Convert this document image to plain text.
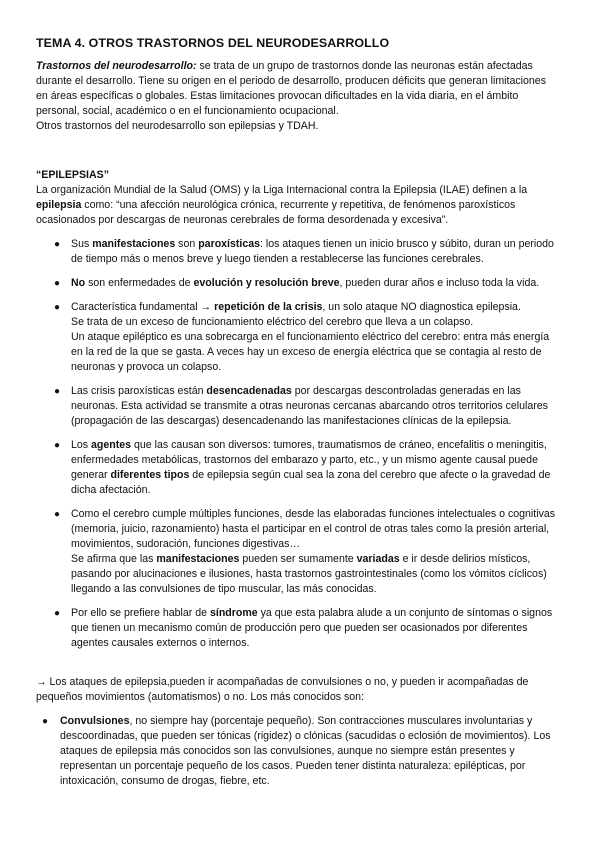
TEMA 4. OTROS TRASTORNOS DEL NEURODESARROLLO

Trastornos del neurodesarrollo: se trata de un grupo de trastornos donde las neuronas están afectadas durante el desarrollo. Tiene su origen en el periodo de desarrollo, producen déficits que generan limitaciones en áreas específicas o globales. Estas limitaciones provocan dificultades en la vida diaria, en el ámbito personal, social, académico o en el funcionamiento ocupacional.

Otros trastornos del neurodesarrollo son epilepsias y TDAH.

“EPILEPSIAS”

La organización Mundial de la Salud (OMS) y la Liga Internacional contra la Epilepsia (ILAE) definen a la epilepsia como: “una afección neurológica crónica, recurrente y repetitiva, de fenómenos paroxísticos ocasionados por descargas de neuronas cerebrales de forma desordenada y excesiva”.

● Sus manifestaciones son paroxísticas: los ataques tienen un inicio brusco y súbito, duran un periodo de tiempo más o menos breve y luego tienden a restablecerse las funciones cerebrales.
● No son enfermedades de evolución y resolución breve, pueden durar años e incluso toda la vida.
● Característica fundamental → repetición de la crisis, un solo ataque NO diagnostica epilepsia.
Se trata de un exceso de funcionamiento eléctrico del cerebro que lleva a un colapso.
Un ataque epiléptico es una sobrecarga en el funcionamiento eléctrico del cerebro: entra más energía en la red de la que se gasta. A veces hay un exceso de energía eléctrica que se contagia al resto de neuronas y provoca un colapso.
● Las crisis paroxísticas están desencadenadas por descargas descontroladas generadas en las neuronas. Esta actividad se transmite a otras neuronas cercanas abarcando otros territorios celulares (propagación de las descargas) desencadenando las manifestaciones clínicas de la epilepsia.
● Los agentes que las causan son diversos: tumores, traumatismos de cráneo, encefalitis o meningitis, enfermedades metabólicas, trastornos del embarazo y parto, etc., y un mismo agente causal puede generar diferentes tipos de epilepsia según cual sea la zona del cerebro que afecte o la gravedad de dicha afectación.
● Como el cerebro cumple múltiples funciones, desde las elaboradas funciones intelectuales o cognitivas (memoria, juicio, razonamiento) hasta el participar en el control de otras tales como la presión arterial, movimientos, sudoración, funciones digestivas…
Se afirma que las manifestaciones pueden ser sumamente variadas e ir desde delirios místicos, pasando por alucinaciones e ilusiones, hasta trastornos gastrointestinales (como los vómitos cíclicos) llegando a las convulsiones de tipo muscular, las más conocidas.
● Por ello se prefiere hablar de síndrome ya que esta palabra alude a un conjunto de síntomas o signos que tienen un mecanismo común de producción pero que pueden ser ocasionados por diferentes agentes causales externos o internos.

→ Los ataques de epilepsia,pueden ir acompañadas de convulsiones o no, y pueden ir acompañadas de pequeños movimientos (automatismos) o no. Los más conocidos son:

● Convulsiones, no siempre hay (porcentaje pequeño). Son contracciones musculares involuntarias y descoordinadas, que pueden ser tónicas (rigidez) o clónicas (sacudidas o eclosión de movimientos). Los ataques de epilepsia más conocidos son las convulsiones, aunque no siempre están presentes y representan un porcentaje pequeño de los casos. Pueden tener distinta naturaleza: epilépticas, por intoxicación, consumo de drogas, fiebre, etc.
